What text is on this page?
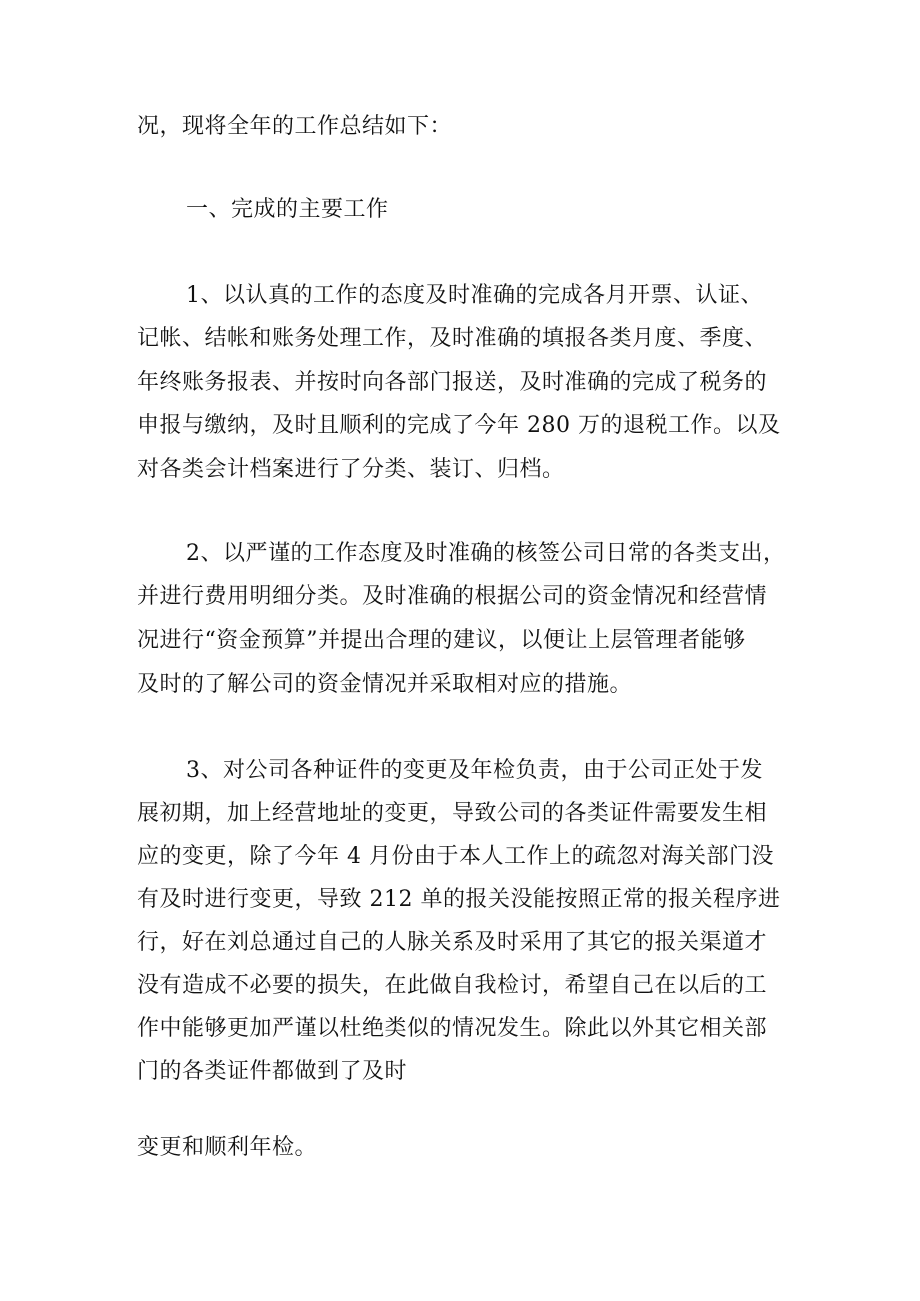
况，现将全年的工作总结如下：
一、完成的主要工作
1、以认真的工作的态度及时准确的完成各月开票、认证、
记帐、结帐和账务处理工作，及时准确的填报各类月度、季度、
年终账务报表、并按时向各部门报送，及时准确的完成了税务的
申报与缴纳，及时且顺利的完成了今年 280 万的退税工作。以及
对各类会计档案进行了分类、装订、归档。
2、以严谨的工作态度及时准确的核签公司日常的各类支出，
并进行费用明细分类。及时准确的根据公司的资金情况和经营情
况进行“资金预算”并提出合理的建议，以便让上层管理者能够
及时的了解公司的资金情况并采取相对应的措施。
3、对公司各种证件的变更及年检负责，由于公司正处于发
展初期，加上经营地址的变更，导致公司的各类证件需要发生相
应的变更，除了今年 4 月份由于本人工作上的疏忽对海关部门没
有及时进行变更，导致 212 单的报关没能按照正常的报关程序进
行，好在刘总通过自己的人脉关系及时采用了其它的报关渠道才
没有造成不必要的损失，在此做自我检讨，希望自己在以后的工
作中能够更加严谨以杜绝类似的情况发生。除此以外其它相关部
门的各类证件都做到了及时
变更和顺利年检。
